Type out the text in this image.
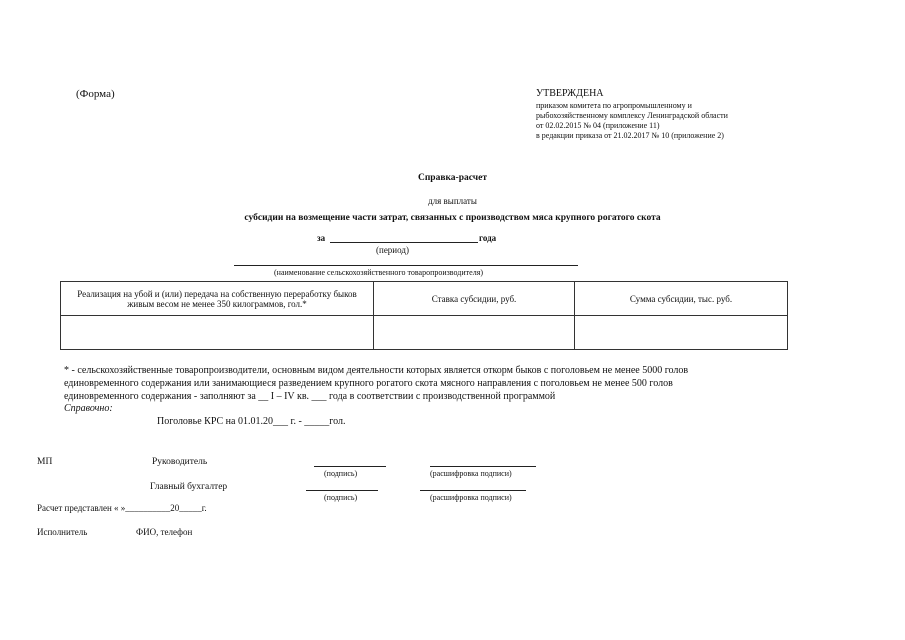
(Форма)	УТВЕРЖДЕНА
приказом комитета по агропромышленному и
рыбохозяйственному комплексу Ленинградской области
от 02.02.2015 № 04 (приложение 11)
в редакции приказа от 21.02.2017 № 10 (приложение 2)
Справка-расчет
для выплаты
субсидии на возмещение части затрат, связанных с производством мяса крупного рогатого скота
за	года
(период)
(наименование сельскохозяйственного товаропроизводителя)
Реализация на убой и (или) передача на собственную переработку быков живым весом не менее 350 килограммов, гол.*	Ставка субсидии, руб.	Сумма субсидии, тыс. руб.

* - сельскохозяйственные товаропроизводители, основным видом деятельности которых является откорм быков с поголовьем не менее 5000 голов
единовременного содержания или занимающиеся разведением крупного рогатого скота мясного направления с поголовьем не менее 500 голов
единовременного содержания - заполняют за __ I – IV кв. ___ года в соответствии с производственной программой
Справочно:
Поголовье КРС на 01.01.20___ г. - _____гол.
МП	Руководитель
(подпись)	(расшифровка подписи)
Главный бухгалтер
(подпись)	(расшифровка подписи)
Расчет представлен « »__________20_____г.
Исполнитель	ФИО, телефон
